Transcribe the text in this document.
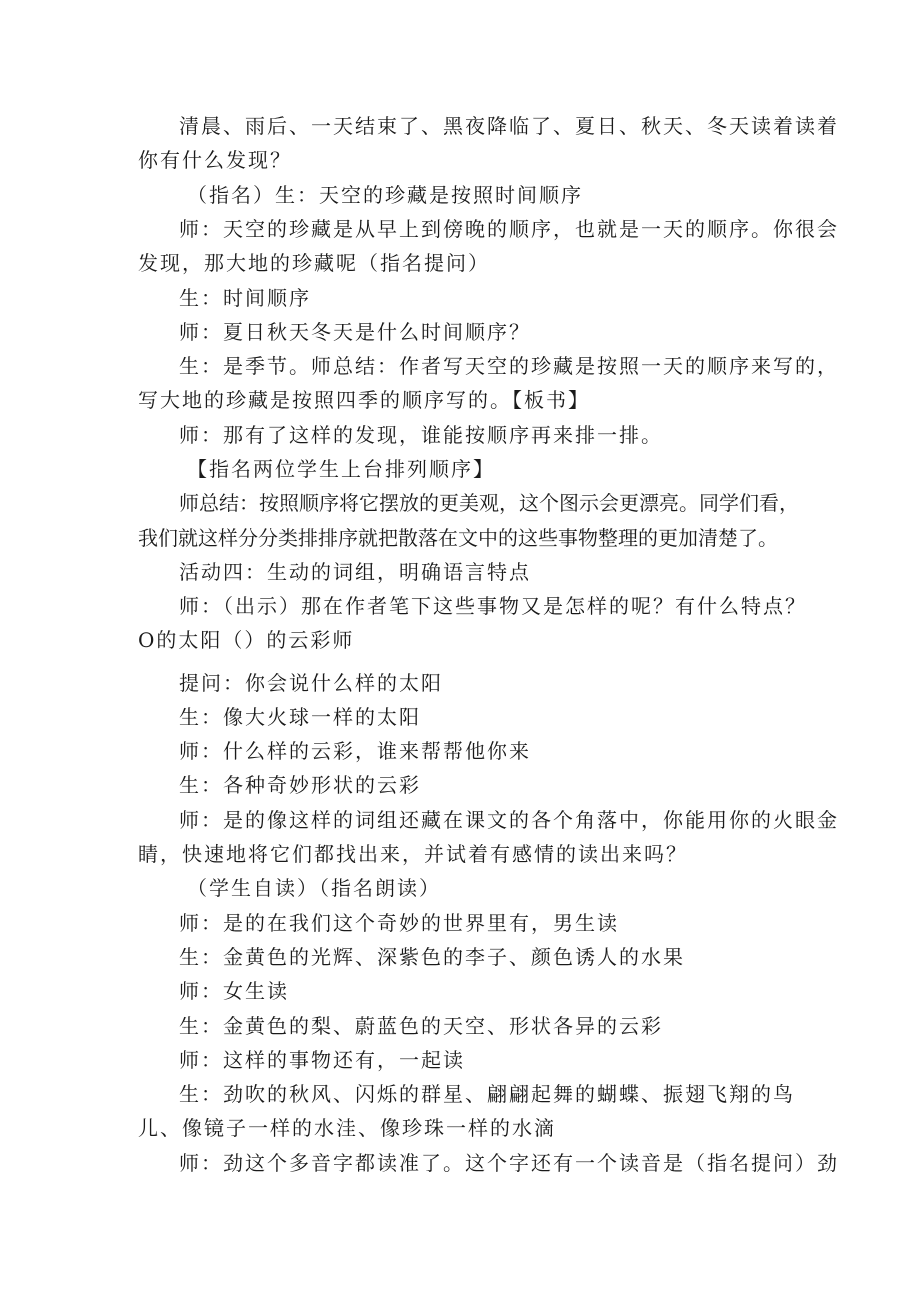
清晨、雨后、一天结束了、黑夜降临了、夏日、秋天、冬天读着读着
你有什么发现？
（指名）生：天空的珍藏是按照时间顺序
师：天空的珍藏是从早上到傍晚的顺序，也就是一天的顺序。你很会
发现，那大地的珍藏呢（指名提问）
生：时间顺序
师：夏日秋天冬天是什么时间顺序？
生：是季节。师总结：作者写天空的珍藏是按照一天的顺序来写的，
写大地的珍藏是按照四季的顺序写的。【板书】
师：那有了这样的发现，谁能按顺序再来排一排。
【指名两位学生上台排列顺序】
师总结：按照顺序将它摆放的更美观，这个图示会更漂亮。同学们看，
我们就这样分分类排排序就把散落在文中的这些事物整理的更加清楚了。
活动四：生动的词组，明确语言特点
师：（出示）那在作者笔下这些事物又是怎样的呢？有什么特点？
O的太阳（）的云彩师
提问：你会说什么样的太阳
生：像大火球一样的太阳
师：什么样的云彩，谁来帮帮他你来
生：各种奇妙形状的云彩
师：是的像这样的词组还藏在课文的各个角落中，你能用你的火眼金
睛，快速地将它们都找出来，并试着有感情的读出来吗？
（学生自读）（指名朗读）
师：是的在我们这个奇妙的世界里有，男生读
生：金黄色的光辉、深紫色的李子、颜色诱人的水果
师：女生读
生：金黄色的梨、蔚蓝色的天空、形状各异的云彩
师：这样的事物还有，一起读
生：劲吹的秋风、闪烁的群星、翩翩起舞的蝴蝶、振翅飞翔的鸟
儿、像镜子一样的水洼、像珍珠一样的水滴
师：劲这个多音字都读准了。这个字还有一个读音是（指名提问）劲
